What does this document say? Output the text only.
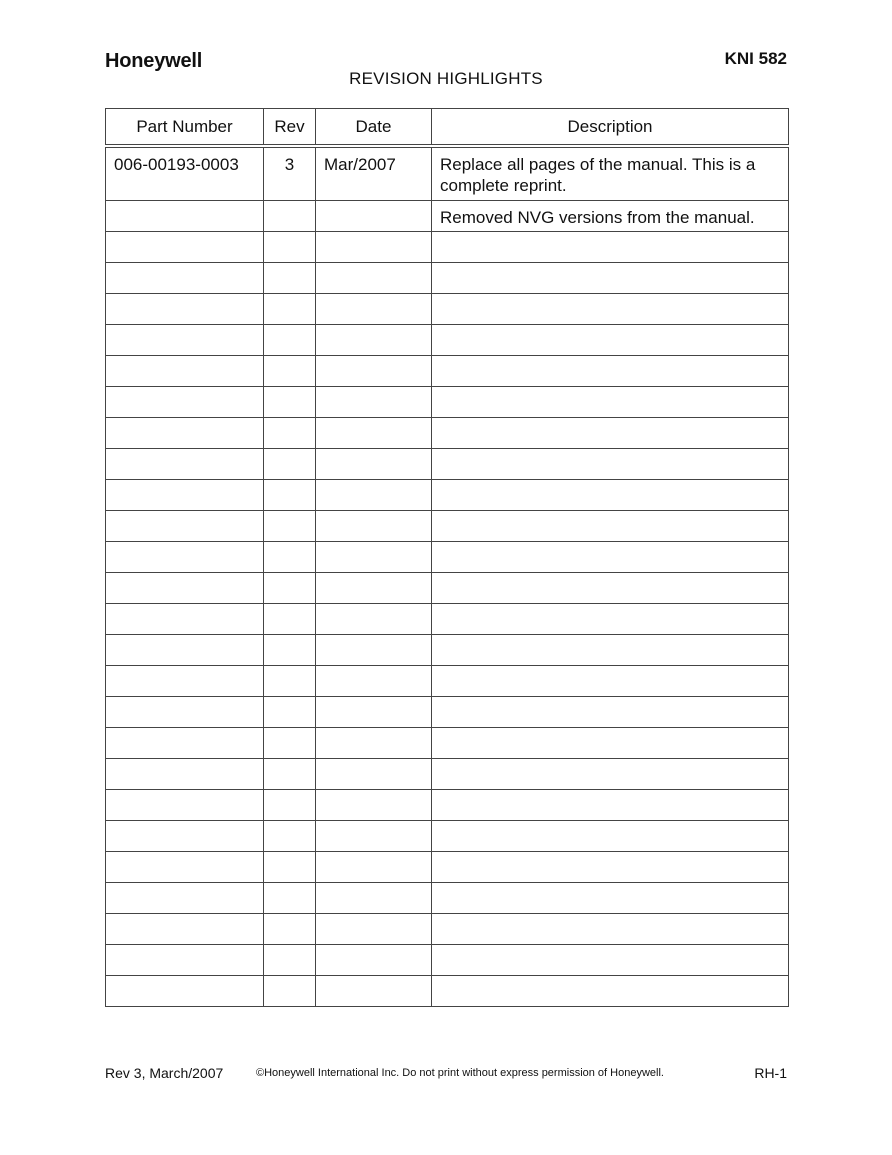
Honeywell	KNI 582
REVISION HIGHLIGHTS
Part Number	Rev	Date	Description
006-00193-0003	3	Mar/2007	Replace all pages of the manual. This is a complete reprint.
			Removed NVG versions from the manual.

Rev 3, March/2007	©Honeywell International Inc. Do not print without express permission of Honeywell.	RH-1
